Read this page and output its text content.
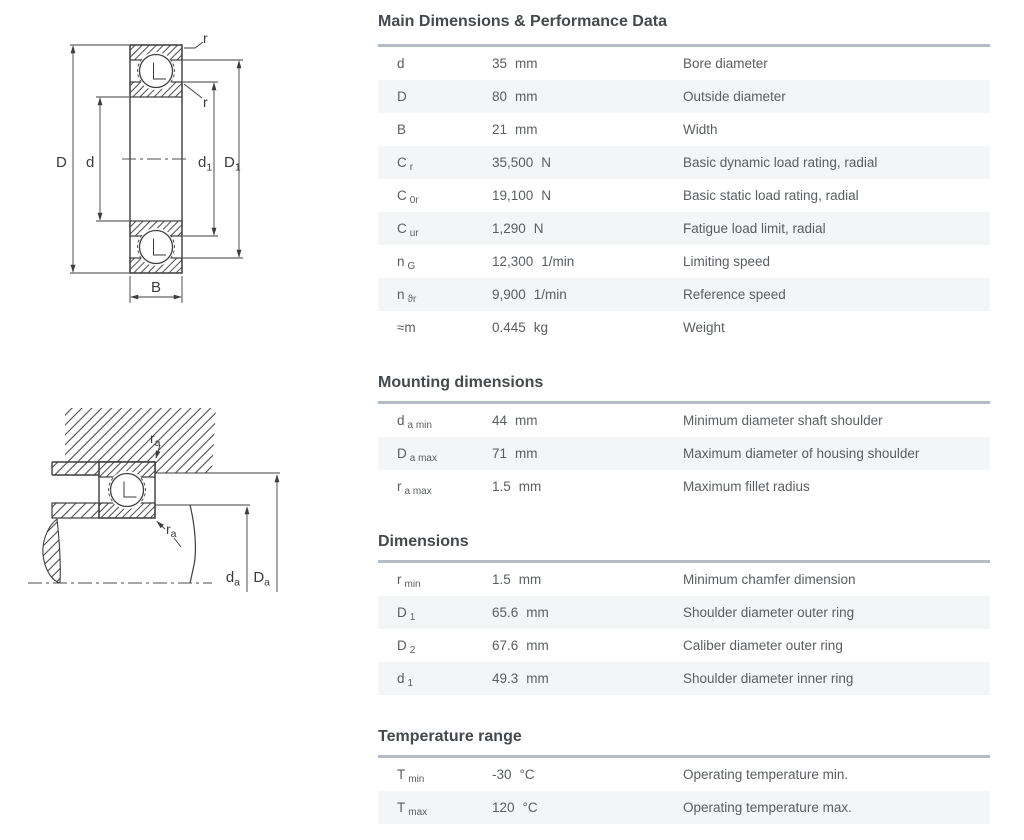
D d	$d_1$ $D_1$
r
r
B
$d_a$ $D_a$
$r_a$
$r_a$
Main Dimensions & Performance Data
d	35 mm	Bore diameter
D	80 mm	Outside diameter
B	21 mm	Width
C $_r$	35,500 N	Basic dynamic load rating, radial
C $_{0r}$	19,100 N	Basic static load rating, radial
C $_{ur}$	1,290 N	Fatigue load limit, radial
n $_G$	12,300 1/min	Limiting speed
n $_{ϑr}$	9,900 1/min	Reference speed
≈m	0.445 kg	Weight
Mounting dimensions
d $_{a min}$	44 mm	Minimum diameter shaft shoulder
D $_{a max}$	71 mm	Maximum diameter of housing shoulder
r $_{a max}$	1.5 mm	Maximum fillet radius
Dimensions
r $_{min}$	1.5 mm	Minimum chamfer dimension
D $_1$	65.6 mm	Shoulder diameter outer ring
D $_2$	67.6 mm	Caliber diameter outer ring
d $_1$	49.3 mm	Shoulder diameter inner ring
Temperature range
T $_{min}$	-30 °C	Operating temperature min.
T $_{max}$	120 °C	Operating temperature max.
